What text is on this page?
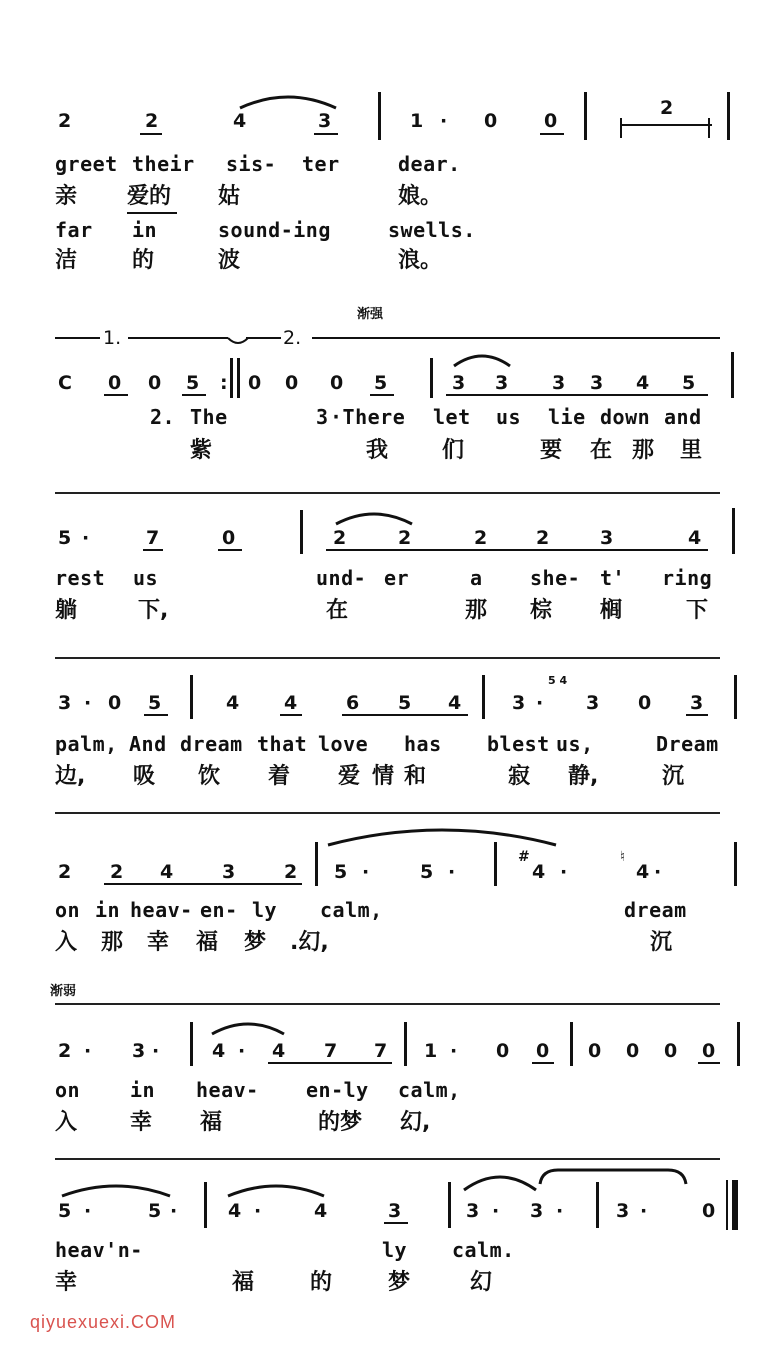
2	2	4	3	1 · 0 0
2
greet their sis- ter	dear.
亲 爱的 姑	娘。
far in	sound-ing	swells.
洁 的	波	浪。
渐强
1.	2.
C 0 0 5 : 0 0 0 5	3 3 3 3 4 5
2. The	3 ·There let us lie down and
紫	我 们	要 在 那 里
5 ·	7	0	2	2	2	2	3	4
rest us	und- er	a she- t' ring
躺	下,	在	那 棕 榈	下
3 · 0 5	4 4	6 5 4	3 ·
5 4
3 0 3
palm, And dream that love has blest us,	Dream
边, 吸 饮 着 爱 情 和	寂 静,	沉
2 2 4	3	2 5 ·	5 ·
#
4 ·
♮
4 ·
on in heav- en- ly calm,	dream
入 那 幸 福 梦 .幻,	沉
渐弱
2 · 3 ·	4 · 4 7 7 1 · 0 0 0 0 0 0
on in heav- en-ly calm,
入 幸 福	的梦 幻,
5 ·	5 ·	4 ·	4	3	3 · 3 ·	3 ·	0
heav'n-	ly calm.
幸	福	的	梦	幻
qiyuexuexi.COM
